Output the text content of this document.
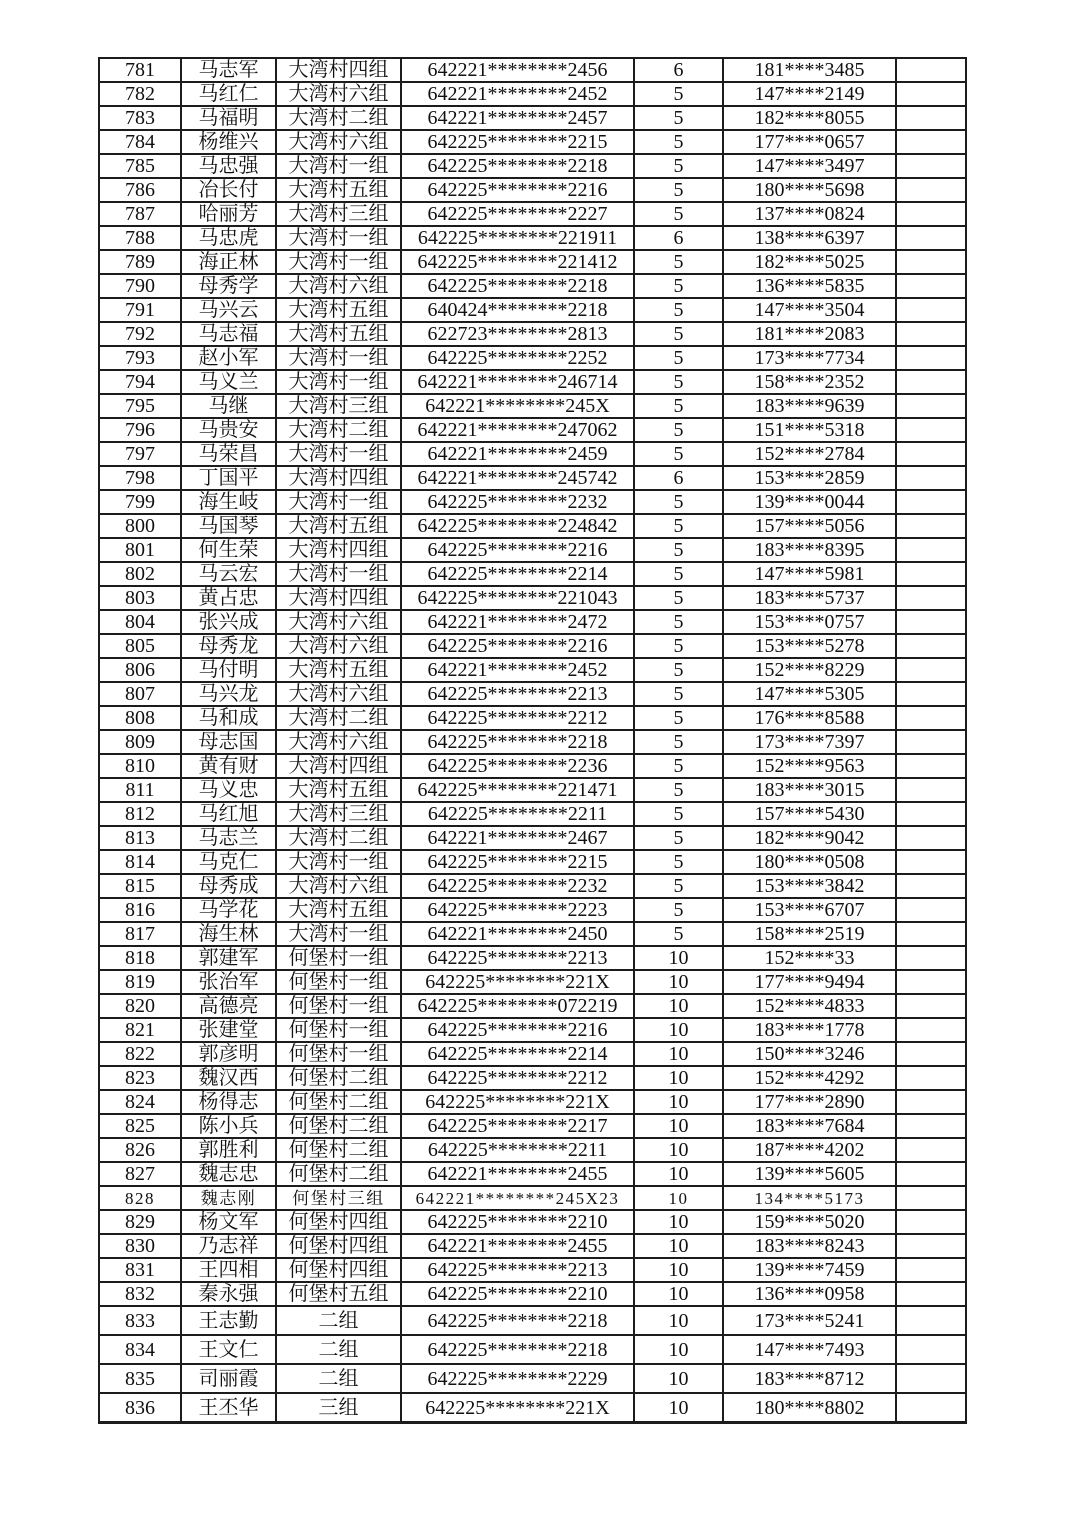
781	马志军	大湾村四组	642221********2456	6	181****3485	
782	马红仁	大湾村六组	642221********2452	5	147****2149	
783	马福明	大湾村二组	642221********2457	5	182****8055	
784	杨维兴	大湾村六组	642225********2215	5	177****0657	
785	马忠强	大湾村一组	642225********2218	5	147****3497	
786	冶长付	大湾村五组	642225********2216	5	180****5698	
787	哈丽芳	大湾村三组	642225********2227	5	137****0824	
788	马忠虎	大湾村一组	642225********221911	6	138****6397	
789	海正林	大湾村一组	642225********221412	5	182****5025	
790	母秀学	大湾村六组	642225********2218	5	136****5835	
791	马兴云	大湾村五组	640424********2218	5	147****3504	
792	马志福	大湾村五组	622723********2813	5	181****2083	
793	赵小军	大湾村一组	642225********2252	5	173****7734	
794	马义兰	大湾村一组	642221********246714	5	158****2352	
795	马继	大湾村三组	642221********245X	5	183****9639	
796	马贵安	大湾村二组	642221********247062	5	151****5318	
797	马荣昌	大湾村一组	642221********2459	5	152****2784	
798	丁国平	大湾村四组	642221********245742	6	153****2859	
799	海生岐	大湾村一组	642225********2232	5	139****0044	
800	马国琴	大湾村五组	642225********224842	5	157****5056	
801	何生荣	大湾村四组	642225********2216	5	183****8395	
802	马云宏	大湾村一组	642225********2214	5	147****5981	
803	黄占忠	大湾村四组	642225********221043	5	183****5737	
804	张兴成	大湾村六组	642221********2472	5	153****0757	
805	母秀龙	大湾村六组	642225********2216	5	153****5278	
806	马付明	大湾村五组	642221********2452	5	152****8229	
807	马兴龙	大湾村六组	642225********2213	5	147****5305	
808	马和成	大湾村二组	642225********2212	5	176****8588	
809	母志国	大湾村六组	642225********2218	5	173****7397	
810	黄有财	大湾村四组	642225********2236	5	152****9563	
811	马义忠	大湾村五组	642225********221471	5	183****3015	
812	马红旭	大湾村三组	642225********2211	5	157****5430	
813	马志兰	大湾村二组	642221********2467	5	182****9042	
814	马克仁	大湾村一组	642225********2215	5	180****0508	
815	母秀成	大湾村六组	642225********2232	5	153****3842	
816	马学花	大湾村五组	642225********2223	5	153****6707	
817	海生林	大湾村一组	642221********2450	5	158****2519	
818	郭建军	何堡村一组	642225********2213	10	152****33	
819	张治军	何堡村一组	642225********221X	10	177****9494	
820	高德亮	何堡村一组	642225********072219	10	152****4833	
821	张建堂	何堡村一组	642225********2216	10	183****1778	
822	郭彦明	何堡村一组	642225********2214	10	150****3246	
823	魏汉西	何堡村二组	642225********2212	10	152****4292	
824	杨得志	何堡村二组	642225********221X	10	177****2890	
825	陈小兵	何堡村二组	642225********2217	10	183****7684	
826	郭胜利	何堡村二组	642225********2211	10	187****4202	
827	魏志忠	何堡村二组	642221********2455	10	139****5605	
828	魏志刚	何堡村三组	642221********245X23	10	134****5173	
829	杨文军	何堡村四组	642225********2210	10	159****5020	
830	乃志祥	何堡村四组	642221********2455	10	183****8243	
831	王四相	何堡村四组	642225********2213	10	139****7459	
832	秦永强	何堡村五组	642225********2210	10	136****0958	
833	王志勤	二组	642225********2218	10	173****5241	
834	王文仁	二组	642225********2218	10	147****7493	
835	司丽霞	二组	642225********2229	10	183****8712	
836	王丕华	三组	642225********221X	10	180****8802	
